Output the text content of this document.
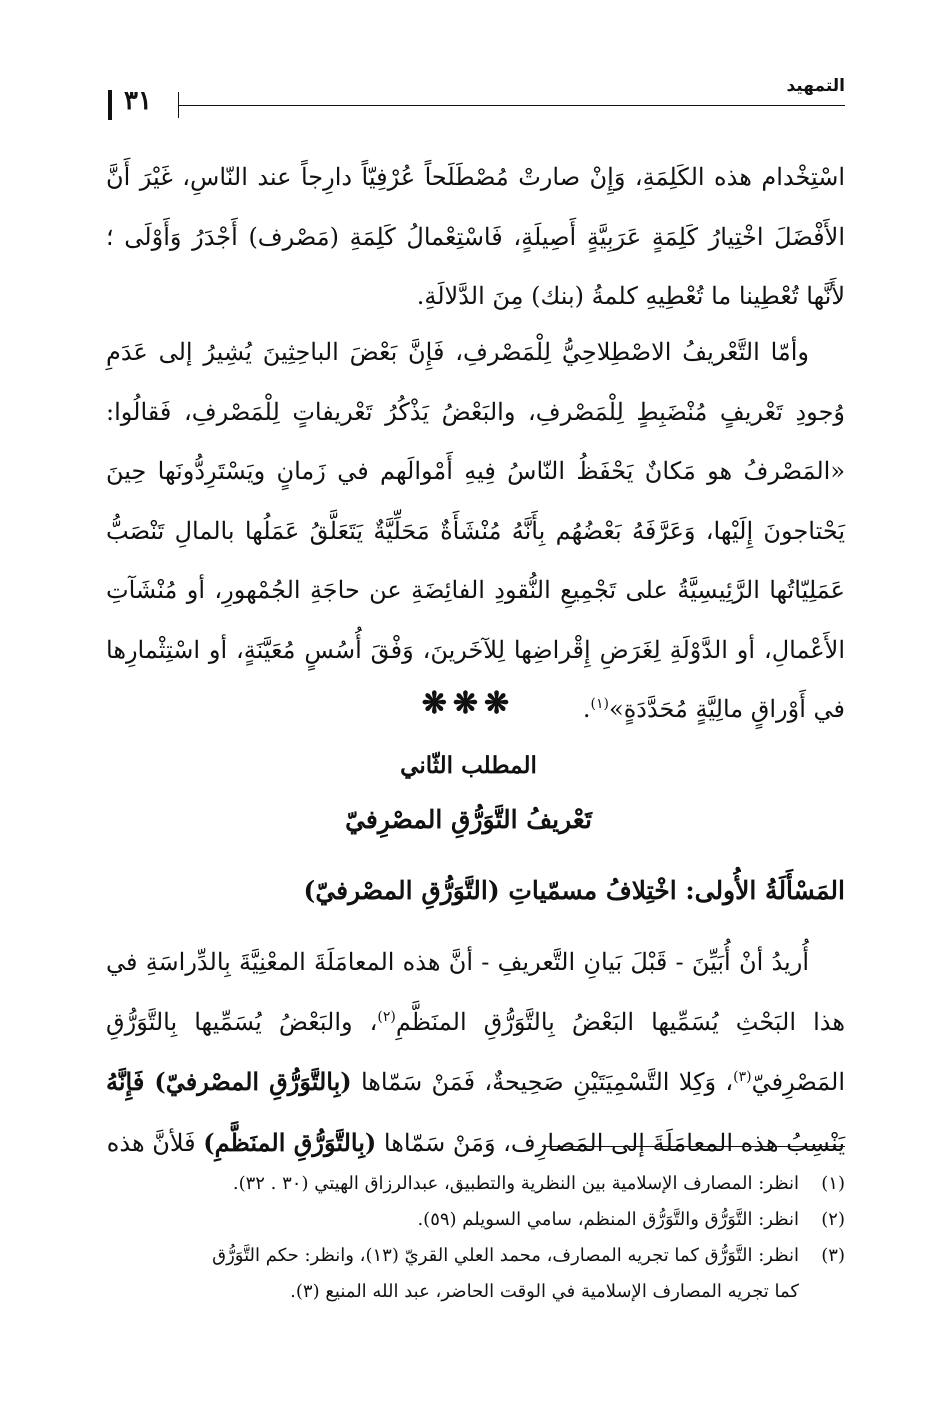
التمهيد
٣١

اسْتِخْدام هذه الكَلِمَةِ، وَإِنْ صارتْ مُصْطَلَحاً عُرْفِيّاً دارِجاً عند النّاسِ، غَيْرَ أَنَّ الأَفْضَلَ اخْتِيارُ كَلِمَةٍ عَرَبِيَّةٍ أَصِيلَةٍ، فَاسْتِعْمالُ كَلِمَةِ (مَصْرف) أَجْدَرُ وَأَوْلَى ؛ لأَنَّها تُعْطِينا ما تُعْطِيهِ كلمةُ (بنك) مِنَ الدَّلالَةِ.

وأمّا التَّعْريفُ الاصْطِلاحِيُّ لِلْمَصْرفِ، فَإِنَّ بَعْضَ الباحِثِينَ يُشِيرُ إلى عَدَمِ وُجودِ تَعْريفٍ مُنْضَبِطٍ لِلْمَصْرفِ، والبَعْضُ يَذْكُرُ تَعْريفاتٍ لِلْمَصْرفِ، فَقالُوا: «المَصْرفُ هو مَكانٌ يَحْفَظُ النّاسُ فِيهِ أَمْوالَهم في زَمانٍ ويَسْتَرِدُّونَها حِينَ يَحْتاجونَ إِلَيْها، وَعَرَّفَهُ بَعْضُهُم بِأَنَّهُ مُنْشَأَةٌ مَحَلِّيَّةٌ يَتَعَلَّقُ عَمَلُها بالمالِ تَنْصَبُّ عَمَلِيّاتُها الرَّئِيسِيَّةُ على تَجْمِيعِ النُّقودِ الفائِضَةِ عن حاجَةِ الجُمْهورِ، أو مُنْشَآتِ الأَعْمالِ، أو الدَّوْلَةِ لِغَرَضِ إِقْراضِها لِلآخَرينَ، وَفْقَ أُسُسٍ مُعَيَّنَةٍ، أو اسْتِثْمارِها في أَوْراقٍ مالِيَّةٍ مُحَدَّدَةٍ»$^{(١)}$.

❋❋❋
المطلب الثّاني
تَعْريفُ التَّوَرُّقِ المصْرِفيّ
المَسْأَلَةُ الأُولى: اخْتِلافُ مسمّياتِ (التَّوَرُّقِ المصْرفيّ)

أُريدُ أنْ أُبَيِّنَ - قَبْلَ بَيانِ التَّعريفِ - أنَّ هذه المعامَلَةَ المعْنِيَّةَ بِالدِّراسَةِ في هذا البَحْثِ يُسَمِّيها البَعْضُ بِالتَّوَرُّقِ المنَظَّمِ$^{(٢)}$، والبَعْضُ يُسَمِّيها بِالتَّوَرُّقِ المَصْرِفيّ$^{(٣)}$، وَكِلا التَّسْمِيَتَيْنِ صَحِيحةٌ، فَمَنْ سَمّاها (بِالتَّوَرُّقِ المصْرفيّ) فَإِنَّهُ يَنْسِبُ هذه المعامَلَةَ إلى المَصارِف، وَمَنْ سَمّاها (بِالتَّوَرُّقِ المنَظَّمِ) فَلأنَّ هذه

(١)
انظر: المصارف الإسلامية بين النظرية والتطبيق، عبدالرزاق الهيتي (٣٠ . ٣٢).
(٢)
انظر: التَّوَرُّق والتَّوَرُّق المنظم، سامي السويلم (٥٩).
(٣)
انظر: التَّوَرُّق كما تجريه المصارف، محمد العلي القريّ (١٣)، وانظر: حكم التَّوَرُّق
كما تجريه المصارف الإسلامية في الوقت الحاضر، عبد الله المنيع (٣).
